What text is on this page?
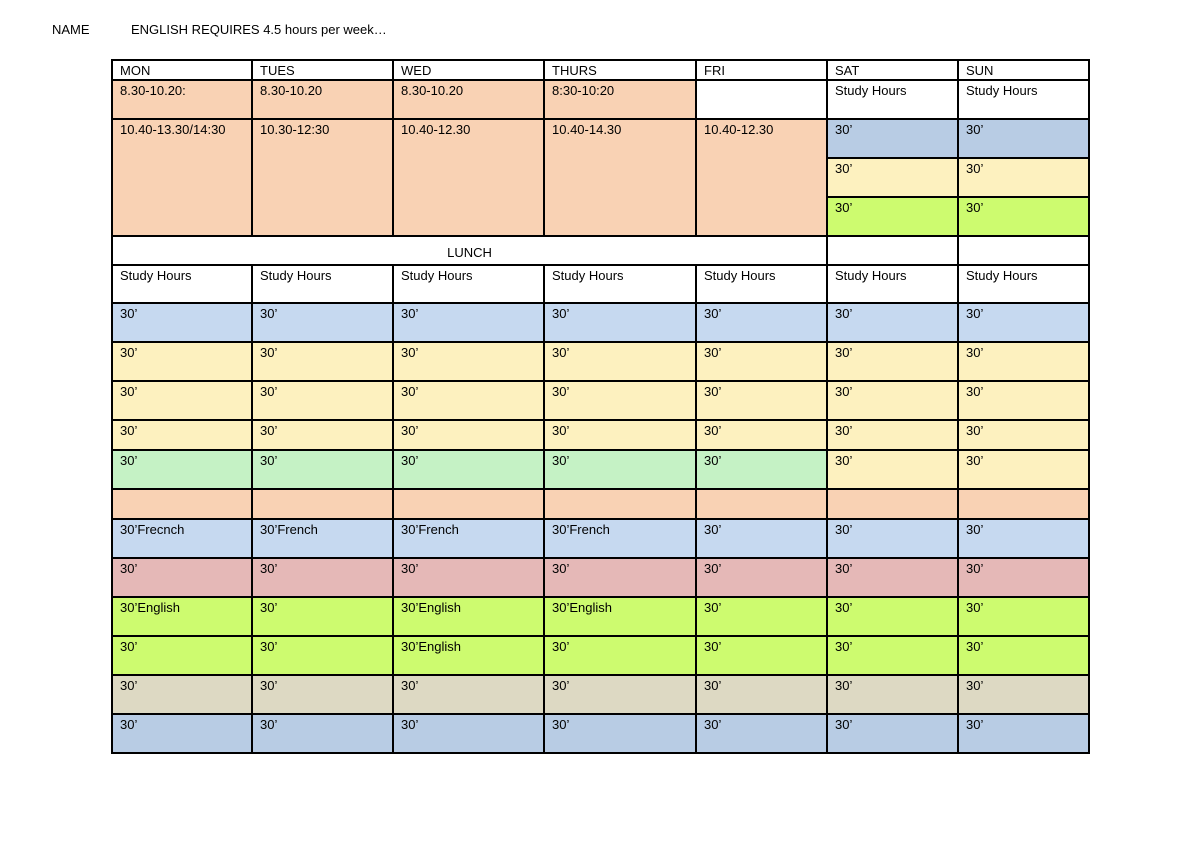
NAME	ENGLISH REQUIRES 4.5 hours per week…
MON	TUES	WED	THURS	FRI	SAT	SUN
8.30-10.20:	8.30-10.20	8.30-10.20	8:30-10:20		Study Hours	Study Hours
10.40-13.30/14:30	10.30-12:30	10.40-12.30	10.40-14.30	10.40-12.30	30’	30’
					30’	30’
					30’	30’
LUNCH						
Study Hours	Study Hours	Study Hours	Study Hours	Study Hours	Study Hours	Study Hours
30’	30’	30’	30’	30’	30’	30’
30’	30’	30’	30’	30’	30’	30’
30’	30’	30’	30’	30’	30’	30’
30’	30’	30’	30’	30’	30’	30’
30’	30’	30’	30’	30’	30’	30’

30’Frecnch	30’French	30’French	30’French	30’	30’	30’
30’	30’	30’	30’	30’	30’	30’
30’English	30’	30’English	30’English	30’	30’	30’
30’	30’	30’English	30’	30’	30’	30’
30’	30’	30’	30’	30’	30’	30’
30’	30’	30’	30’	30’	30’	30’
